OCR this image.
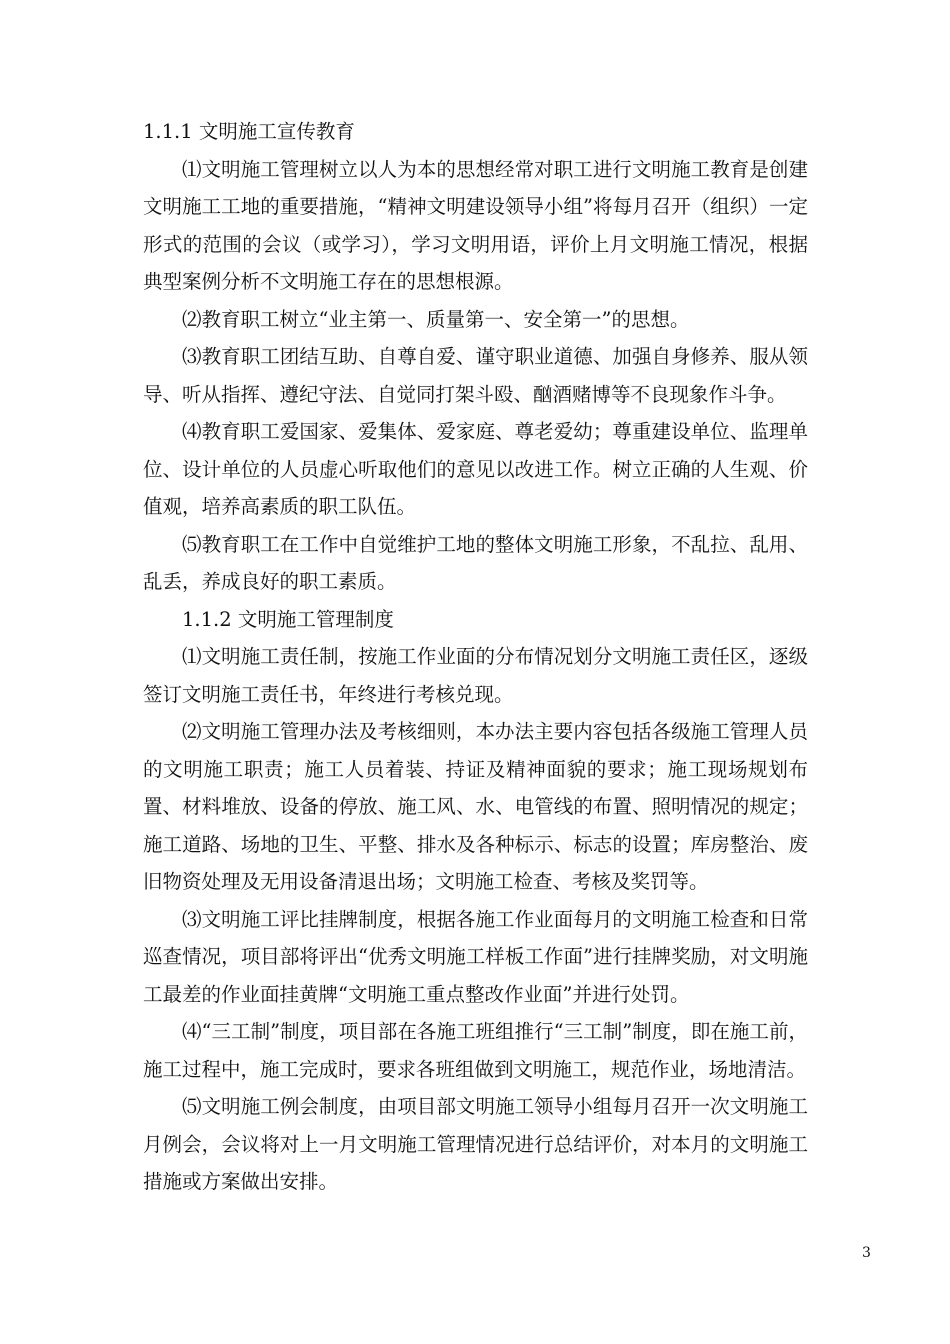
1.1.1 文明施工宣传教育

⑴文明施工管理树立以人为本的思想经常对职工进行文明施工教育是创建文明施工工地的重要措施，“精神文明建设领导小组”将每月召开（组织）一定形式的范围的会议（或学习），学习文明用语，评价上月文明施工情况，根据典型案例分析不文明施工存在的思想根源。

⑵教育职工树立“业主第一、质量第一、安全第一”的思想。

⑶教育职工团结互助、自尊自爱、谨守职业道德、加强自身修养、服从领导、听从指挥、遵纪守法、自觉同打架斗殴、酗酒赌博等不良现象作斗争。

⑷教育职工爱国家、爱集体、爱家庭、尊老爱幼；尊重建设单位、监理单位、设计单位的人员虚心听取他们的意见以改进工作。树立正确的人生观、价值观，培养高素质的职工队伍。

⑸教育职工在工作中自觉维护工地的整体文明施工形象，不乱拉、乱用、乱丢，养成良好的职工素质。

1.1.2 文明施工管理制度

⑴文明施工责任制，按施工作业面的分布情况划分文明施工责任区，逐级签订文明施工责任书，年终进行考核兑现。

⑵文明施工管理办法及考核细则，本办法主要内容包括各级施工管理人员的文明施工职责；施工人员着装、持证及精神面貌的要求；施工现场规划布置、材料堆放、设备的停放、施工风、水、电管线的布置、照明情况的规定；施工道路、场地的卫生、平整、排水及各种标示、标志的设置；库房整治、废旧物资处理及无用设备清退出场；文明施工检查、考核及奖罚等。

⑶文明施工评比挂牌制度，根据各施工作业面每月的文明施工检查和日常巡查情况，项目部将评出“优秀文明施工样板工作面”进行挂牌奖励，对文明施工最差的作业面挂黄牌“文明施工重点整改作业面”并进行处罚。

⑷“三工制”制度，项目部在各施工班组推行“三工制”制度，即在施工前，施工过程中，施工完成时，要求各班组做到文明施工，规范作业，场地清洁。

⑸文明施工例会制度，由项目部文明施工领导小组每月召开一次文明施工月例会，会议将对上一月文明施工管理情况进行总结评价，对本月的文明施工措施或方案做出安排。

3
